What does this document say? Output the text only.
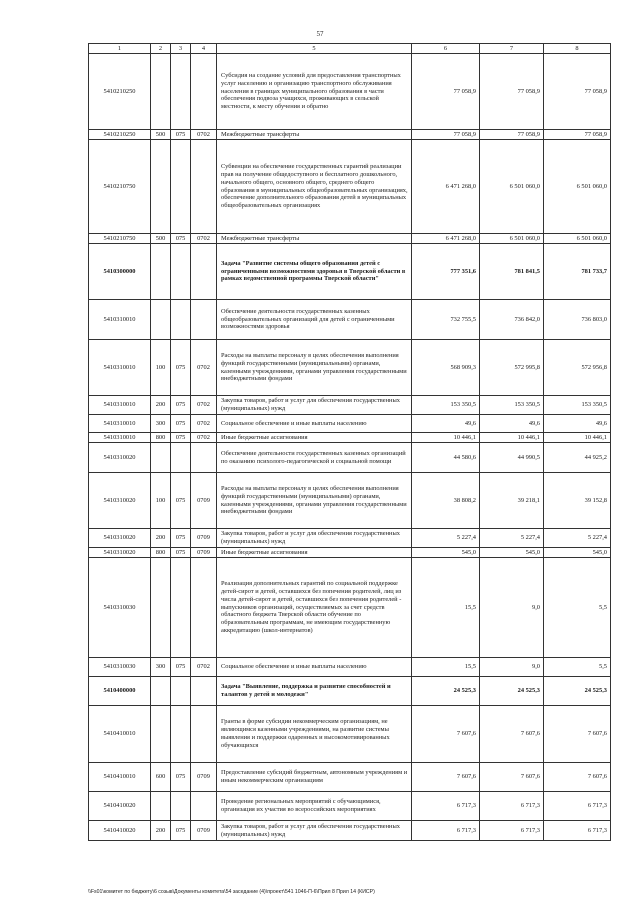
57
1	2	3	4	5	6	7	8
5410210250				Субсидия на создание условий для предоставления транспортных услуг населению и организацию транспортного обслуживания населения в границах муниципального образования в части обеспечения подвоза учащихся, проживающих в сельской местности, к месту обучения и обратно	77 058,9	77 058,9	77 058,9
5410210250	500	075	0702	Межбюджетные трансферты	77 058,9	77 058,9	77 058,9
5410210750				Субвенции на обеспечение государственных гарантий реализации прав на получение общедоступного и бесплатного дошкольного, начального общего, основного общего, среднего общего образования в муниципальных общеобразовательных организациях, обеспечение дополнительного образования детей в муниципальных общеобразовательных организациях	6 471 268,0	6 501 060,0	6 501 060,0
5410210750	500	075	0702	Межбюджетные трансферты	6 471 268,0	6 501 060,0	6 501 060,0
5410300000				Задача "Развитие системы общего образования детей с ограниченными возможностями здоровья в Тверской области в рамках ведомственной программы Тверской области"	777 351,6	781 841,5	781 733,7
5410310010				Обеспечение деятельности государственных казенных общеобразовательных организаций для детей с ограниченными возможностями здоровья	732 755,5	736 842,0	736 803,0
5410310010	100	075	0702	Расходы на выплаты персоналу в целях обеспечения выполнения функций государственными (муниципальными) органами, казенными учреждениями, органами управления государственными внебюджетными фондами	568 909,3	572 995,8	572 956,8
5410310010	200	075	0702	Закупка товаров, работ и услуг для обеспечения государственных (муниципальных) нужд	153 350,5	153 350,5	153 350,5
5410310010	300	075	0702	Социальное обеспечение и иные выплаты населению	49,6	49,6	49,6
5410310010	800	075	0702	Иные бюджетные ассигнования	10 446,1	10 446,1	10 446,1
5410310020				Обеспечение деятельности государственных казенных организаций по оказанию психолого-педагогической и социальной помощи	44 580,6	44 990,5	44 925,2
5410310020	100	075	0709	Расходы на выплаты персоналу в целях обеспечения выполнения функций государственными (муниципальными) органами, казенными учреждениями, органами управления государственными внебюджетными фондами	38 808,2	39 218,1	39 152,8
5410310020	200	075	0709	Закупка товаров, работ и услуг для обеспечения государственных (муниципальных) нужд	5 227,4	5 227,4	5 227,4
5410310020	800	075	0709	Иные бюджетные ассигнования	545,0	545,0	545,0
5410310030				Реализация дополнительных гарантий по социальной поддержке детей-сирот и детей, оставшихся без попечения родителей, лиц из числа детей-сирот и детей, оставшихся без попечения родителей - выпускников организаций, осуществляемых за счет средств областного бюджета Тверской области обучение по образовательным программам, не имеющим государственную аккредитацию (школ-интернатов)	15,5	9,0	5,5
5410310030	300	075	0702	Социальное обеспечение и иные выплаты населению	15,5	9,0	5,5
5410400000				Задача "Выявление, поддержка и развитие способностей и талантов у детей и молодежи"	24 525,3	24 525,3	24 525,3
5410410010				Гранты в форме субсидии некоммерческим организациям, не являющимся казенными учреждениями, на развитие системы выявления и поддержки одаренных и высокомотивированных обучающихся	7 607,6	7 607,6	7 607,6
5410410010	600	075	0709	Предоставление субсидий бюджетным, автономным учреждениям и иным некоммерческим организациям	7 607,6	7 607,6	7 607,6
5410410020				Проведение региональных мероприятий с обучающимися, организация их участия во всероссийских мероприятиях	6 717,3	6 717,3	6 717,3
5410410020	200	075	0709	Закупка товаров, работ и услуг для обеспечения государственных (муниципальных) нужд	6 717,3	6 717,3	6 717,3
\\Fs01\комитет по бюджету\6 созыв\Документы комитета\54 заседание (4)\проект\541 1046-П-6\Прил 8 Прил 14 (КИСР)
